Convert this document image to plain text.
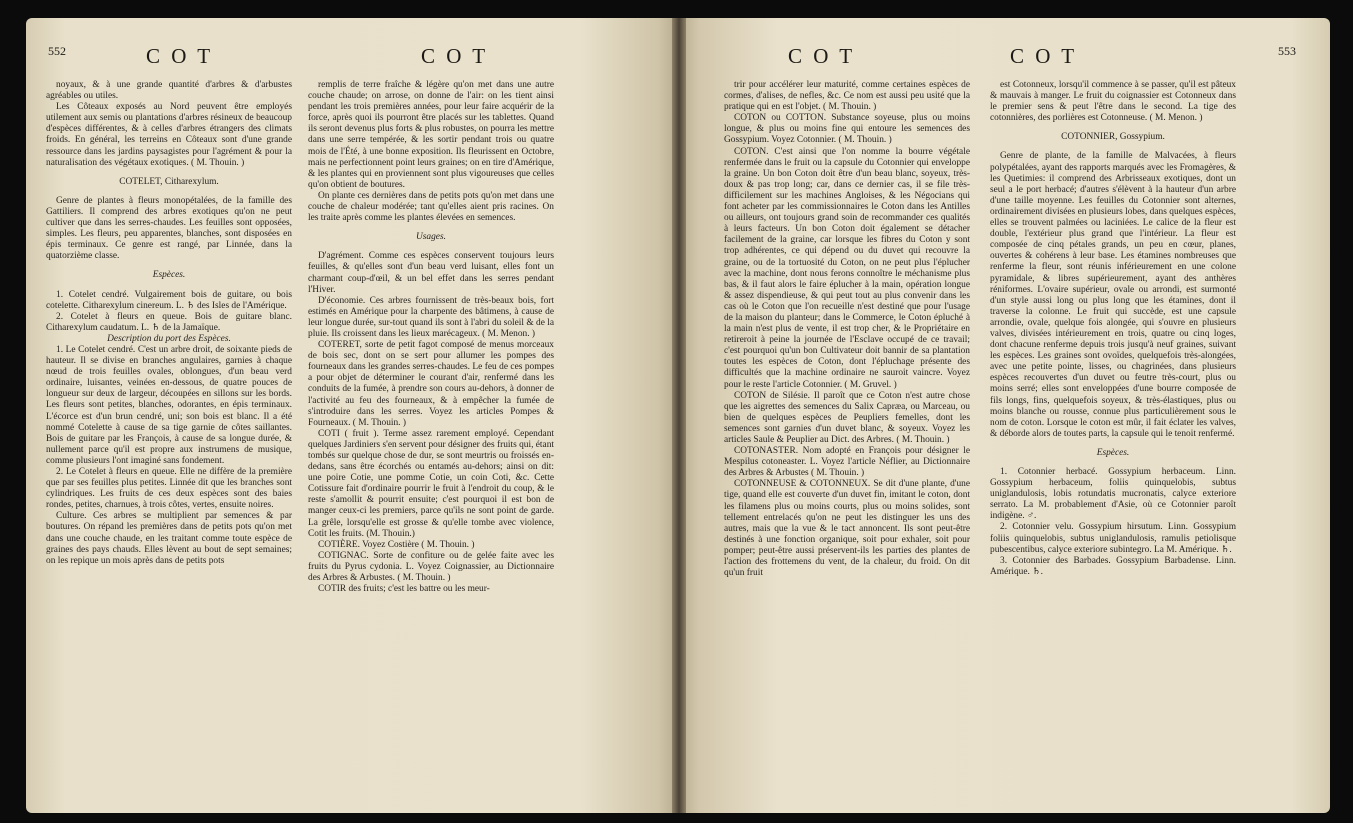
552	C O T	C O T

noyaux, & à une grande quantité d'arbres & d'arbustes agréables ou utiles.

Les Côteaux exposés au Nord peuvent être employés utilement aux semis ou plantations d'arbres résineux de beaucoup d'espèces différentes, & à celles d'arbres étrangers des climats froids. En général, les terreins en Côteaux sont d'une grande ressource dans les jardins paysagistes pour l'agrément & pour la naturalisation des végétaux exotiques. ( M. Thouin. )

COTELET, Citharexylum.

Genre de plantes à fleurs monopétalées, de la famille des Gattiliers. Il comprend des arbres exotiques qu'on ne peut cultiver que dans les serres-chaudes. Les feuilles sont opposées, simples. Les fleurs, peu apparentes, blanches, sont disposées en épis terminaux. Ce genre est rangé, par Linnée, dans la quatorzième classe.

Espèces.

1. Cotelet cendré. Vulgairement bois de guitare, ou bois cotelette. Citharexylum cinereum. L. ♄ des Isles de l'Amérique.

2. Cotelet à fleurs en queue. Bois de guitare blanc. Citharexylum caudatum. L. ♄ de la Jamaïque.

Description du port des Espèces.

1. Le Cotelet cendré. C'est un arbre droit, de soixante pieds de hauteur. Il se divise en branches angulaires, garnies à chaque nœud de trois feuilles ovales, oblongues, d'un beau verd ordinaire, luisantes, veinées en-dessous, de quatre pouces de longueur sur deux de largeur, découpées en sillons sur les bords. Les fleurs sont petites, blanches, odorantes, en épis terminaux. L'écorce est d'un brun cendré, uni; son bois est blanc. Il a été nommé Cotelette à cause de sa tige garnie de côtes saillantes. Bois de guitare par les François, à cause de sa longue durée, & nullement parce qu'il est propre aux instrumens de musique, comme plusieurs l'ont imaginé sans fondement.

2. Le Cotelet à fleurs en queue. Elle ne diffère de la première que par ses feuilles plus petites. Linnée dit que les branches sont cylindriques. Les fruits de ces deux espèces sont des baies rondes, petites, charnues, à trois côtes, vertes, ensuite noires.

Culture. Ces arbres se multiplient par semences & par boutures. On répand les premières dans de petits pots qu'on met dans une couche chaude, en les traitant comme toute espèce de graines des pays chauds. Elles lèvent au bout de sept semaines; on les repique un mois après dans de petits pots

remplis de terre fraîche & légère qu'on met dans une autre couche chaude; on arrose, on donne de l'air: on les tient ainsi pendant les trois premières années, pour leur faire acquérir de la force, après quoi ils pourront être placés sur les tablettes. Quand ils seront devenus plus forts & plus robustes, on pourra les mettre dans une serre tempérée, & les sortir pendant trois ou quatre mois de l'Été, à une bonne exposition. Ils fleurissent en Octobre, mais ne perfectionnent point leurs graines; on en tire d'Amérique, & les plantes qui en proviennent sont plus vigoureuses que celles qu'on obtient de boutures.

On plante ces dernières dans de petits pots qu'on met dans une couche de chaleur modérée; tant qu'elles aient pris racines. On les traite après comme les plantes élevées en semences.

Usages.

D'agrément. Comme ces espèces conservent toujours leurs feuilles, & qu'elles sont d'un beau verd luisant, elles font un charmant coup-d'œil, & un bel effet dans les serres pendant l'Hiver.

D'économie. Ces arbres fournissent de très-beaux bois, fort estimés en Amérique pour la charpente des bâtimens, à cause de leur longue durée, sur-tout quand ils sont à l'abri du soleil & de la pluie. Ils croissent dans les lieux marécageux. ( M. Menon. )

COTERET, sorte de petit fagot composé de menus morceaux de bois sec, dont on se sert pour allumer les pompes des fourneaux dans les grandes serres-chaudes. Le feu de ces pompes a pour objet de déterminer le courant d'air, renfermé dans les conduits de la fumée, à prendre son cours au-dehors, à donner de l'activité au feu des fourneaux, & à empêcher la fumée de s'introduire dans les serres. Voyez les articles Pompes & Fourneaux. ( M. Thouin. )

COTI ( fruit ). Terme assez rarement employé. Cependant quelques Jardiniers s'en servent pour désigner des fruits qui, étant tombés sur quelque chose de dur, se sont meurtris ou froissés en-dedans, sans être écorchés ou entamés au-dehors; ainsi on dit: une poire Cotie, une pomme Cotie, un coin Coti, &c. Cette Cotissure fait d'ordinaire pourrir le fruit à l'endroit du coup, & le reste s'amollit & pourrit ensuite; c'est pourquoi il est bon de manger ceux-ci les premiers, parce qu'ils ne sont point de garde. La grêle, lorsqu'elle est grosse & qu'elle tombe avec violence, Cotit les fruits. (M. Thouin.)

COTIÈRE. Voyez Costière ( M. Thouin. )

COTIGNAC. Sorte de confiture ou de gelée faite avec les fruits du Pyrus cydonia. L. Voyez Coignassier, au Dictionnaire des Arbres & Arbustes. ( M. Thouin. )

COTIR des fruits; c'est les battre ou les meur-

C O T	C O T	553

trir pour accélérer leur maturité, comme certaines espèces de cormes, d'alises, de nefles, &c. Ce nom est aussi peu usité que la pratique qui en est l'objet. ( M. Thouin. )

COTON ou COTTON. Substance soyeuse, plus ou moins longue, & plus ou moins fine qui entoure les semences des Gossypium. Voyez Cotonnier. ( M. Thouin. )

COTON. C'est ainsi que l'on nomme la bourre végétale renfermée dans le fruit ou la capsule du Cotonnier qui enveloppe la graine. Un bon Coton doit être d'un beau blanc, soyeux, très-doux & pas trop long; car, dans ce dernier cas, il se file très-difficilement sur les machines Angloises, & les Négocians qui font acheter par les commissionnaires le Coton dans les Antilles ou ailleurs, ont toujours grand soin de recommander ces qualités à leurs facteurs. Un bon Coton doit également se détacher facilement de la graine, car lorsque les fibres du Coton y sont trop adhérentes, ce qui dépend ou du duvet qui recouvre la graine, ou de la tortuosité du Coton, on ne peut plus l'éplucher avec la machine, dont nous ferons connoître le méchanisme plus bas, & il faut alors le faire éplucher à la main, opération longue & assez dispendieuse, & qui peut tout au plus convenir dans les cas où le Coton que l'on recueille n'est destiné que pour l'usage de la maison du planteur; dans le Commerce, le Coton épluché à la main n'est plus de vente, il est trop cher, & le Propriétaire en retireroit à peine la journée de l'Esclave occupé de ce travail; c'est pourquoi qu'un bon Cultivateur doit bannir de sa plantation toutes les espèces de Coton, dont l'épluchage présente des difficultés que la machine ordinaire ne sauroit vaincre. Voyez pour le reste l'article Cotonnier. ( M. Gruvel. )

COTON de Silésie. Il paroît que ce Coton n'est autre chose que les aigrettes des semences du Salix Capræa, ou Marceau, ou bien de quelques espèces de Peupliers femelles, dont les semences sont garnies d'un duvet blanc, & soyeux. Voyez les articles Saule & Peuplier au Dict. des Arbres. ( M. Thouin. )

COTONASTER. Nom adopté en François pour désigner le Mespilus cotoneaster. L. Voyez l'article Néflier, au Dictionnaire des Arbres & Arbustes ( M. Thouin. )

COTONNEUSE & COTONNEUX. Se dit d'une plante, d'une tige, quand elle est couverte d'un duvet fin, imitant le coton, dont les filamens plus ou moins courts, plus ou moins solides, sont tellement entrelacés qu'on ne peut les distinguer les uns des autres, mais que la vue & le tact annoncent. Ils sont peut-être destinés à une fonction organique, soit pour exhaler, soit pour pomper; peut-être aussi préservent-ils les parties des plantes de l'action des frottemens du vent, de la chaleur, du froid. On dit qu'un fruit

est Cotonneux, lorsqu'il commence à se passer, qu'il est pâteux & mauvais à manger. Le fruit du coignassier est Cotonneux dans le premier sens & peut l'être dans le second. La tige des cotonnières, des porlières est Cotonneuse. ( M. Menon. )

COTONNIER, Gossypium.

Genre de plante, de la famille de Malvacées, à fleurs polypétalées, ayant des rapports marqués avec les Fromagères, & les Quetimies: il comprend des Arbrisseaux exotiques, dont un seul a le port herbacé; d'autres s'élèvent à la hauteur d'un arbre d'une taille moyenne. Les feuilles du Cotonnier sont alternes, ordinairement divisées en plusieurs lobes, dans quelques espèces, elles se trouvent palmées ou laciniées. Le calice de la fleur est double, l'extérieur plus grand que l'intérieur. La fleur est composée de cinq pétales grands, un peu en cœur, planes, ouvertes & cohérens à leur base. Les étamines nombreuses que renferme la fleur, sont réunis inférieurement en une colone pyramidale, & libres supérieurement, ayant des anthères réniformes. L'ovaire supérieur, ovale ou arrondi, est surmonté d'un style aussi long ou plus long que les étamines, dont il traverse la colonne. Le fruit qui succède, est une capsule arrondie, ovale, quelque fois alongée, qui s'ouvre en plusieurs valves, divisées intérieurement en trois, quatre ou cinq loges, dont chacune renferme depuis trois jusqu'à neuf graines, suivant les espèces. Les graines sont ovoïdes, quelquefois très-alongées, avec une petite pointe, lisses, ou chagrinées, dans plusieurs espèces recouvertes d'un duvet ou feutre très-court, plus ou moins serré; elles sont enveloppées d'une bourre composée de fils longs, fins, quelquefois soyeux, & très-élastiques, plus ou moins blanche ou rousse, connue plus particulièrement sous le nom de coton. Lorsque le coton est mûr, il fait éclater les valves, & déborde alors de toutes parts, la capsule qui le tenoit renfermé.

Espèces.

1. Cotonnier herbacé. Gossypium herbaceum. Linn. Gossypium herbaceum, foliis quinquelobis, subtus uniglandulosis, lobis rotundatis mucronatis, calyce exteriore serrato. La M. probablement d'Asie, où ce Cotonnier paroît indigène. ♂.

2. Cotonnier velu. Gossypium hirsutum. Linn. Gossypium foliis quinquelobis, subtus uniglandulosis, ramulis petiolisque pubescentibus, calyce exteriore subintegro. La M. Amérique. ♄.

3. Cotonnier des Barbades. Gossypium Barbadense. Linn. Amérique. ♄.
